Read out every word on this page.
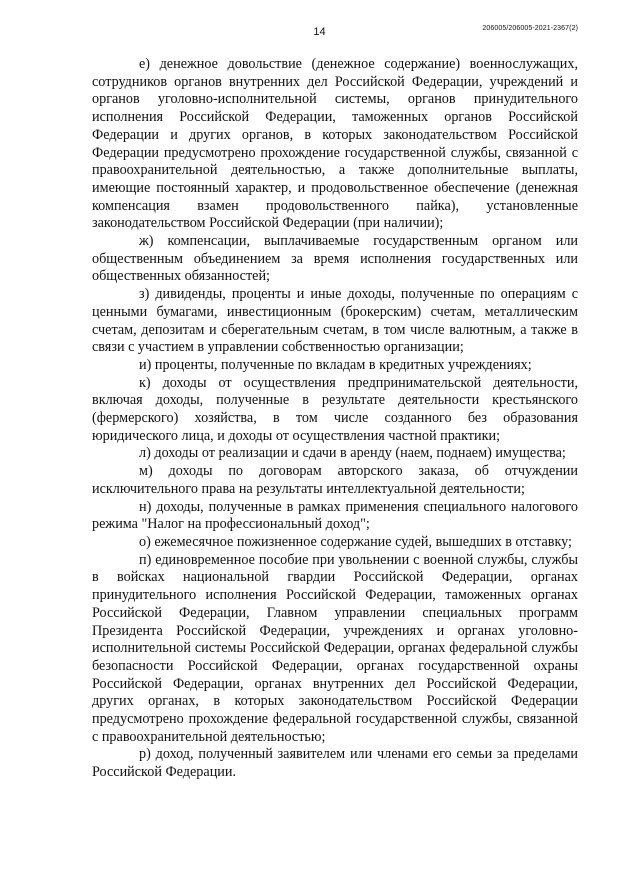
14	206005/206005-2021-2367(2)

е) денежное довольствие (денежное содержание) военнослужащих, сотрудников органов внутренних дел Российской Федерации, учреждений и органов уголовно-исполнительной системы, органов принудительного исполнения Российской Федерации, таможенных органов Российской Федерации и других органов, в которых законодательством Российской Федерации предусмотрено прохождение государственной службы, связанной с правоохранительной деятельностью, а также дополнительные выплаты, имеющие постоянный характер, и продовольственное обеспечение (денежная компенсация взамен продовольственного пайка), установленные законодательством Российской Федерации (при наличии);

ж) компенсации, выплачиваемые государственным органом или общественным объединением за время исполнения государственных или общественных обязанностей;

з) дивиденды, проценты и иные доходы, полученные по операциям с ценными бумагами, инвестиционным (брокерским) счетам, металлическим счетам, депозитам и сберегательным счетам, в том числе валютным, а также в связи с участием в управлении собственностью организации;

и) проценты, полученные по вкладам в кредитных учреждениях;

к) доходы от осуществления предпринимательской деятельности, включая доходы, полученные в результате деятельности крестьянского (фермерского) хозяйства, в том числе созданного без образования юридического лица, и доходы от осуществления частной практики;

л) доходы от реализации и сдачи в аренду (наем, поднаем) имущества;

м) доходы по договорам авторского заказа, об отчуждении исключительного права на результаты интеллектуальной деятельности;

н) доходы, полученные в рамках применения специального налогового режима "Налог на профессиональный доход";

о) ежемесячное пожизненное содержание судей, вышедших в отставку;

п) единовременное пособие при увольнении с военной службы, службы в войсках национальной гвардии Российской Федерации, органах принудительного исполнения Российской Федерации, таможенных органах Российской Федерации, Главном управлении специальных программ Президента Российской Федерации, учреждениях и органах уголовно-исполнительной системы Российской Федерации, органах федеральной службы безопасности Российской Федерации, органах государственной охраны Российской Федерации, органах внутренних дел Российской Федерации, других органах, в которых законодательством Российской Федерации предусмотрено прохождение федеральной государственной службы, связанной с правоохранительной деятельностью;

р) доход, полученный заявителем или членами его семьи за пределами Российской Федерации.
